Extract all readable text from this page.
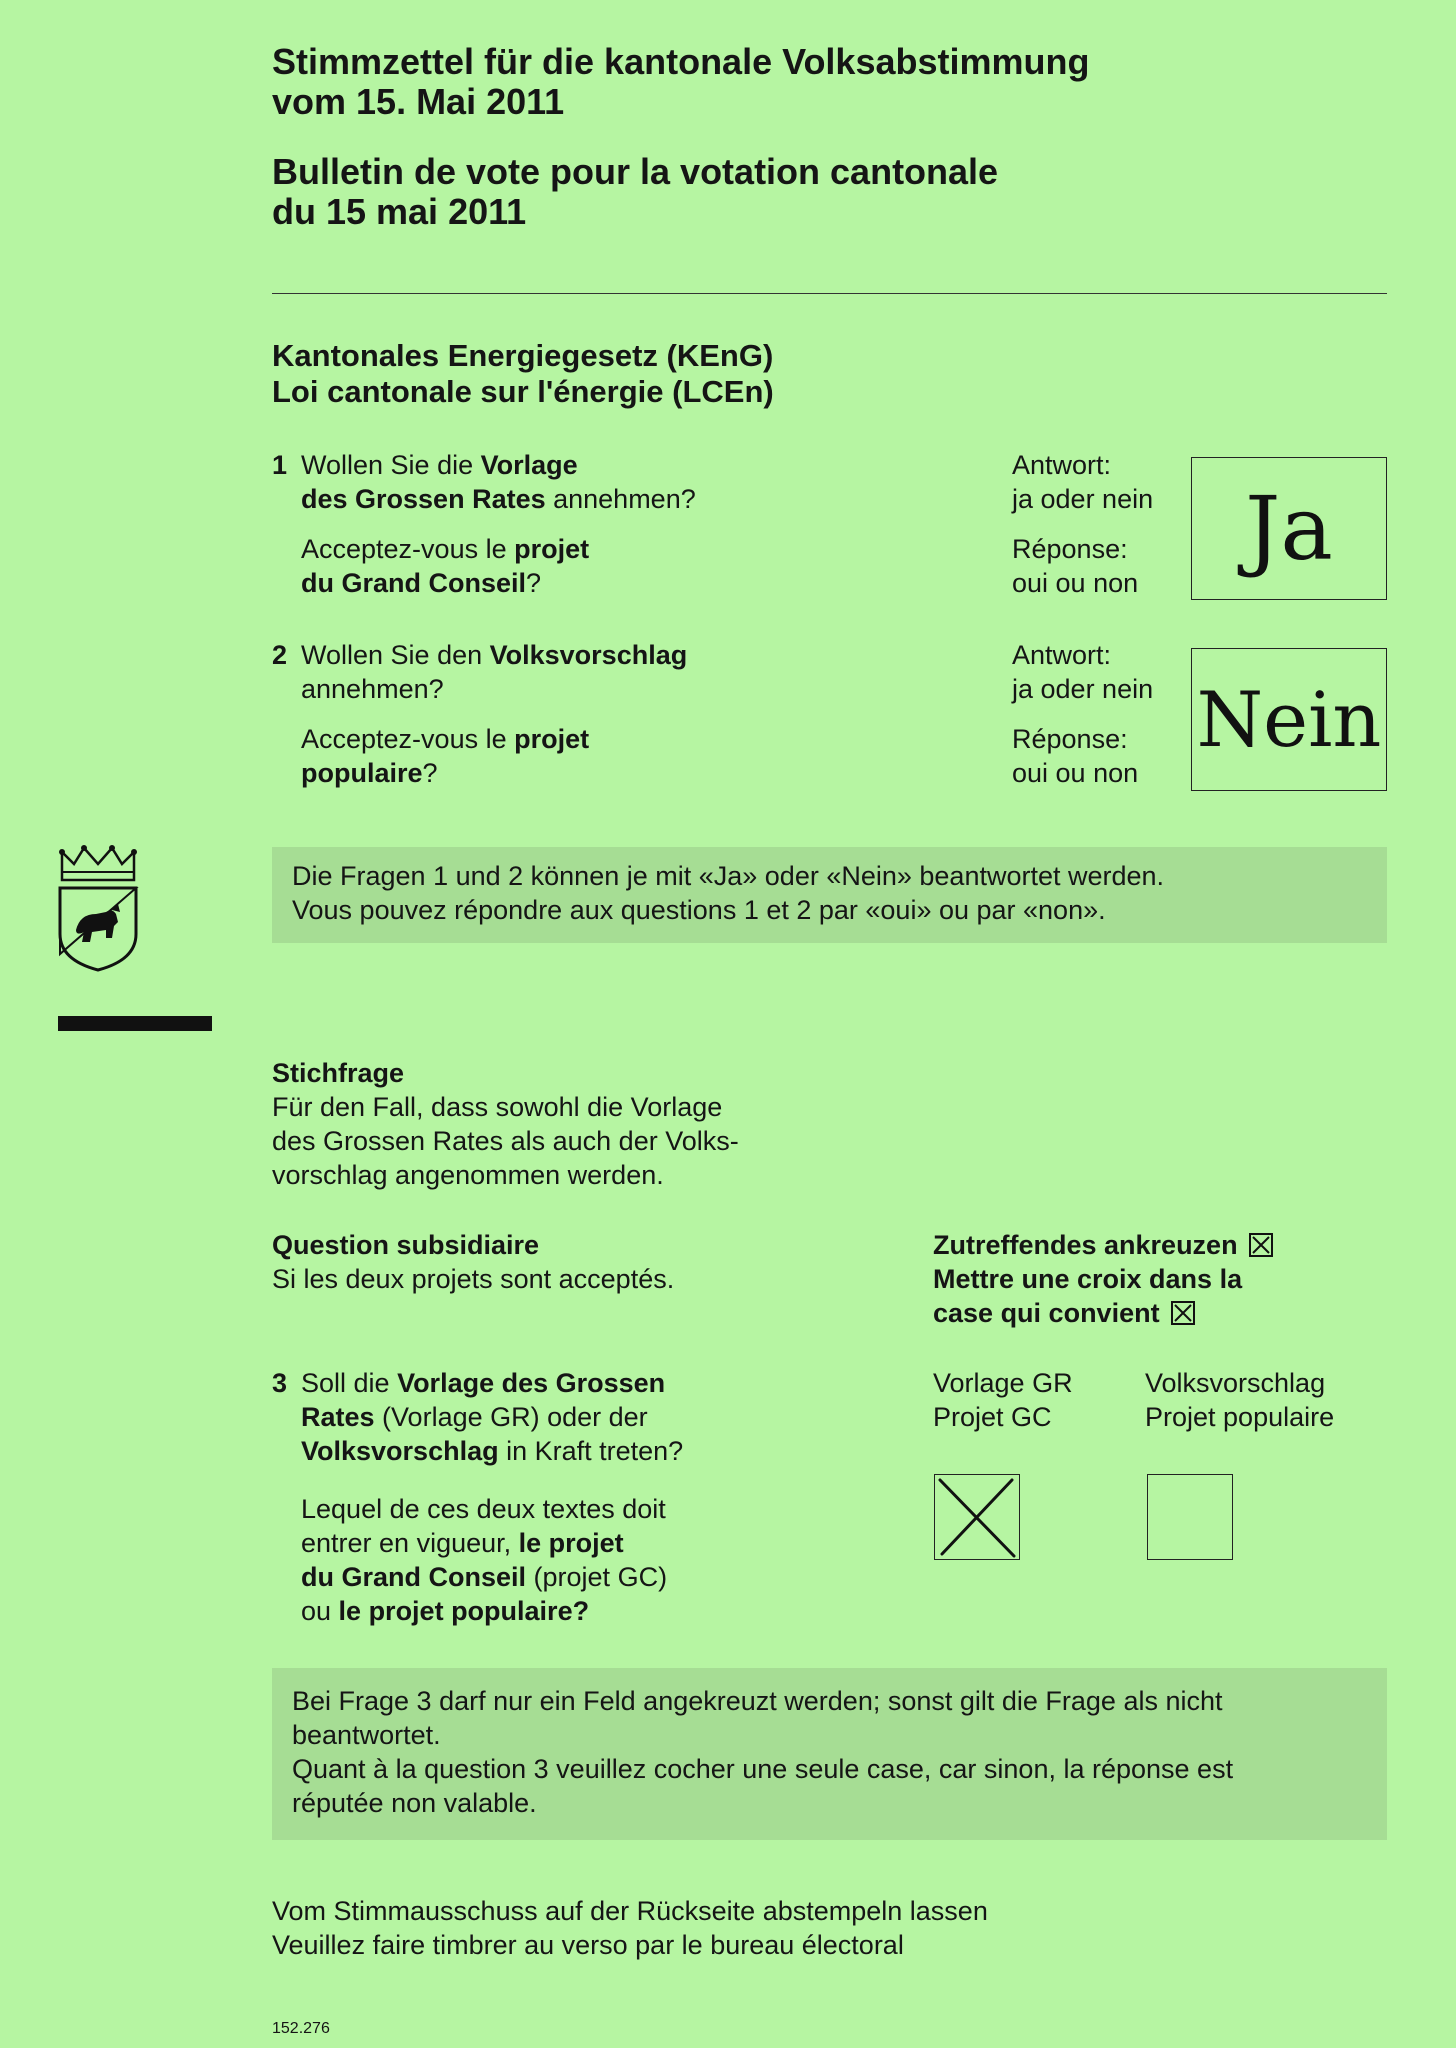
Stimmzettel für die kantonale Volksabstimmung
vom 15. Mai 2011
Bulletin de vote pour la votation cantonale
du 15 mai 2011
Kantonales Energiegesetz (KEnG)
Loi cantonale sur l'énergie (LCEn)
1 Wollen Sie die Vorlage
des Grossen Rates annehmen?
Acceptez-vous le projet
du Grand Conseil?
Antwort:
ja oder nein
Réponse:
oui ou non
Ja
2 Wollen Sie den Volksvorschlag
annehmen?
Acceptez-vous le projet
populaire?
Antwort:
ja oder nein
Réponse:
oui ou non
Nein
Die Fragen 1 und 2 können je mit «Ja» oder «Nein» beantwortet werden.
Vous pouvez répondre aux questions 1 et 2 par «oui» ou par «non».
Stichfrage
Für den Fall, dass sowohl die Vorlage
des Grossen Rates als auch der Volks-
vorschlag angenommen werden.
Question subsidiaire
Si les deux projets sont acceptés.
Zutreffendes ankreuzen
Mettre une croix dans la
case qui convient
3 Soll die Vorlage des Grossen
Rates (Vorlage GR) oder der
Volksvorschlag in Kraft treten?
Lequel de ces deux textes doit
entrer en vigueur, le projet
du Grand Conseil (projet GC)
ou le projet populaire?
Vorlage GR
Projet GC
Volksvorschlag
Projet populaire
Bei Frage 3 darf nur ein Feld angekreuzt werden; sonst gilt die Frage als nicht
beantwortet.
Quant à la question 3 veuillez cocher une seule case, car sinon, la réponse est
réputée non valable.
Vom Stimmausschuss auf der Rückseite abstempeln lassen
Veuillez faire timbrer au verso par le bureau électoral
152.276
